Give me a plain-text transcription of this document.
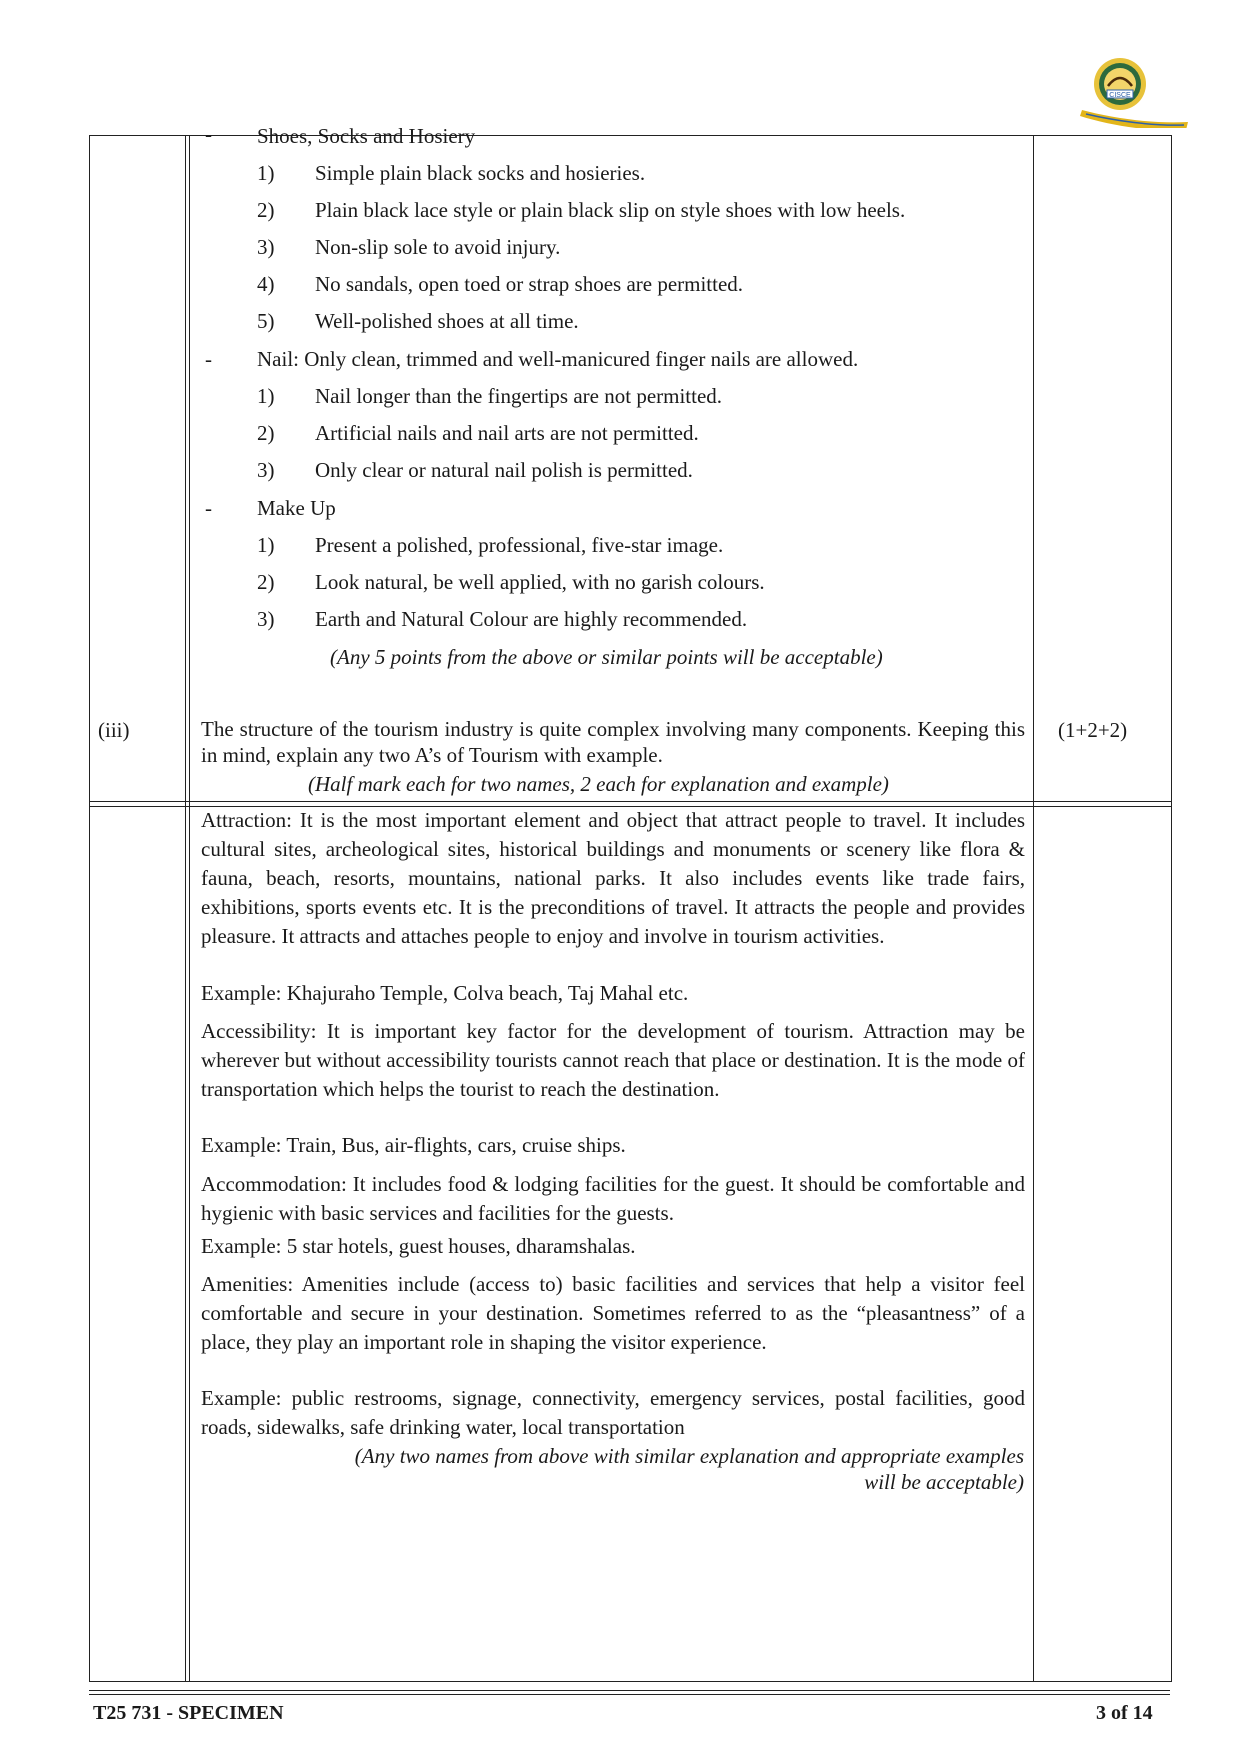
CISCE
- Shoes, Socks and Hosiery
1) Simple plain black socks and hosieries.
2) Plain black lace style or plain black slip on style shoes with low heels.
3) Non-slip sole to avoid injury.
4) No sandals, open toed or strap shoes are permitted.
5) Well-polished shoes at all time.
- Nail: Only clean, trimmed and well-manicured finger nails are allowed.
1) Nail longer than the fingertips are not permitted.
2) Artificial nails and nail arts are not permitted.
3) Only clear or natural nail polish is permitted.
- Make Up
1) Present a polished, professional, five-star image.
2) Look natural, be well applied, with no garish colours.
3) Earth and Natural Colour are highly recommended.
(Any 5 points from the above or similar points will be acceptable)
(iii)	(1+2+2)
The structure of the tourism industry is quite complex involving many components. Keeping this in mind, explain any two A’s of Tourism with example.
(Half mark each for two names, 2 each for explanation and example)
Attraction: It is the most important element and object that attract people to travel. It includes cultural sites, archeological sites, historical buildings and monuments or scenery like flora & fauna, beach, resorts, mountains, national parks. It also includes events like trade fairs, exhibitions, sports events etc. It is the preconditions of travel. It attracts the people and provides pleasure. It attracts and attaches people to enjoy and involve in tourism activities.
Example: Khajuraho Temple, Colva beach, Taj Mahal etc.
Accessibility: It is important key factor for the development of tourism. Attraction may be wherever but without accessibility tourists cannot reach that place or destination. It is the mode of transportation which helps the tourist to reach the destination.
Example: Train, Bus, air-flights, cars, cruise ships.
Accommodation: It includes food & lodging facilities for the guest. It should be comfortable and hygienic with basic services and facilities for the guests.
Example: 5 star hotels, guest houses, dharamshalas.
Amenities: Amenities include (access to) basic facilities and services that help a visitor feel comfortable and secure in your destination. Sometimes referred to as the “pleasantness” of a place, they play an important role in shaping the visitor experience.
Example: public restrooms, signage, connectivity, emergency services, postal facilities, good roads, sidewalks, safe drinking water, local transportation
(Any two names from above with similar explanation and appropriate examples
will be acceptable)
T25 731 - SPECIMEN	3 of 14
